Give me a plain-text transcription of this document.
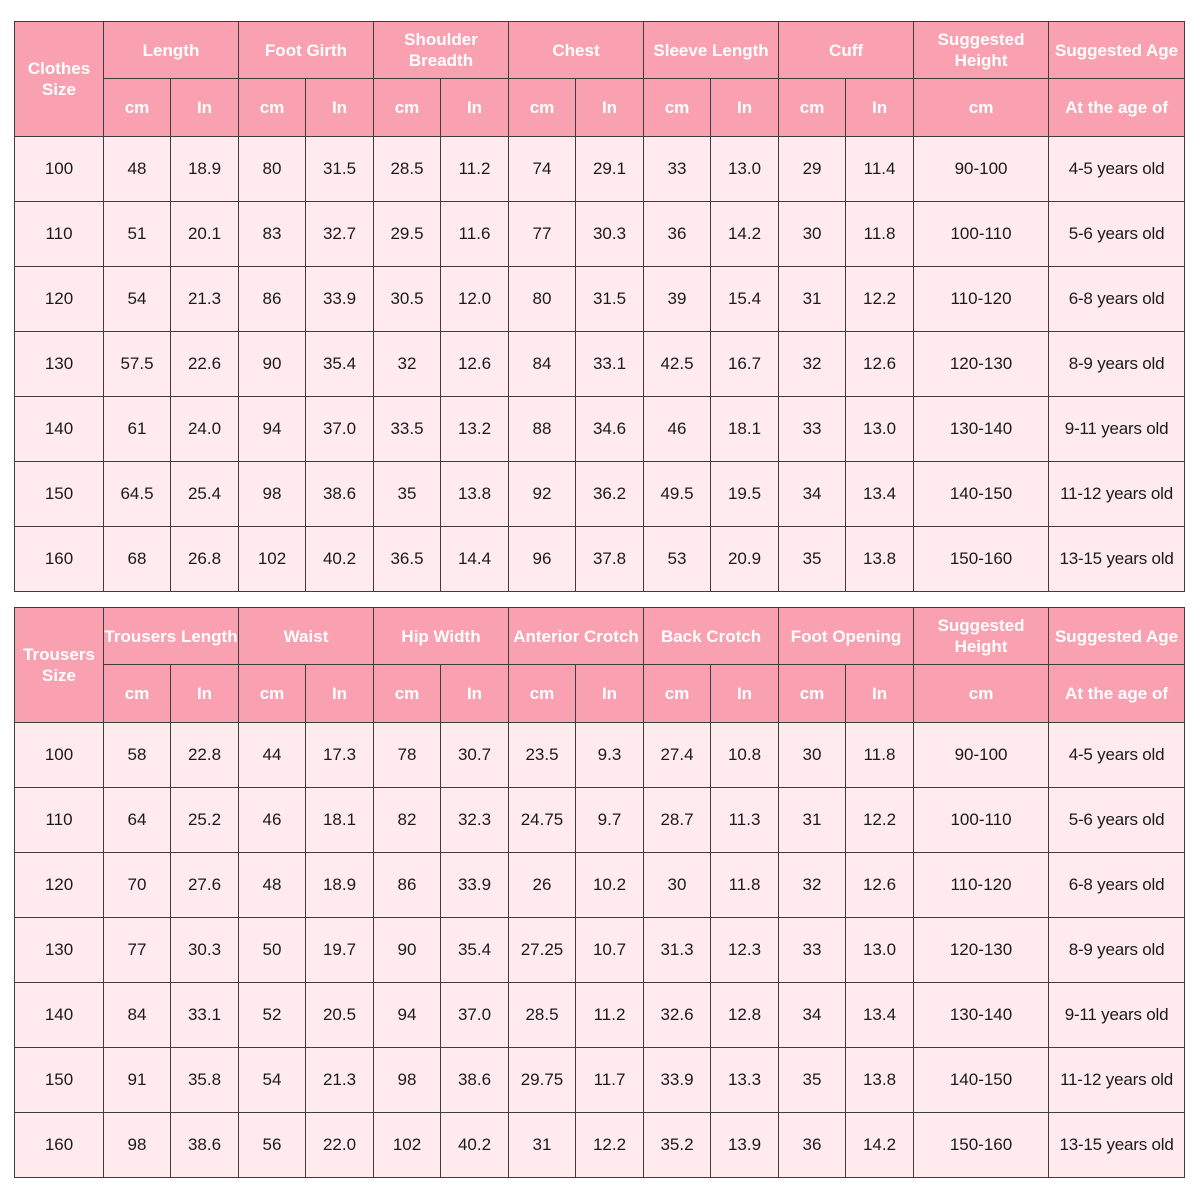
Clothes Size	Length		Foot Girth		Shoulder Breadth		Chest		Sleeve Length		Cuff		Suggested Height	Suggested Age
	cm	In	cm	In	cm	In	cm	In	cm	In	cm	In	cm	At the age of
100	48	18.9	80	31.5	28.5	11.2	74	29.1	33	13.0	29	11.4	90-100	4-5 years old
110	51	20.1	83	32.7	29.5	11.6	77	30.3	36	14.2	30	11.8	100-110	5-6 years old
120	54	21.3	86	33.9	30.5	12.0	80	31.5	39	15.4	31	12.2	110-120	6-8 years old
130	57.5	22.6	90	35.4	32	12.6	84	33.1	42.5	16.7	32	12.6	120-130	8-9 years old
140	61	24.0	94	37.0	33.5	13.2	88	34.6	46	18.1	33	13.0	130-140	9-11 years old
150	64.5	25.4	98	38.6	35	13.8	92	36.2	49.5	19.5	34	13.4	140-150	11-12 years old
160	68	26.8	102	40.2	36.5	14.4	96	37.8	53	20.9	35	13.8	150-160	13-15 years old
Trousers Size	Trousers Length		Waist		Hip Width		Anterior Crotch		Back Crotch		Foot Opening		Suggested Height	Suggested Age
	cm	In	cm	In	cm	In	cm	In	cm	In	cm	In	cm	At the age of
100	58	22.8	44	17.3	78	30.7	23.5	9.3	27.4	10.8	30	11.8	90-100	4-5 years old
110	64	25.2	46	18.1	82	32.3	24.75	9.7	28.7	11.3	31	12.2	100-110	5-6 years old
120	70	27.6	48	18.9	86	33.9	26	10.2	30	11.8	32	12.6	110-120	6-8 years old
130	77	30.3	50	19.7	90	35.4	27.25	10.7	31.3	12.3	33	13.0	120-130	8-9 years old
140	84	33.1	52	20.5	94	37.0	28.5	11.2	32.6	12.8	34	13.4	130-140	9-11 years old
150	91	35.8	54	21.3	98	38.6	29.75	11.7	33.9	13.3	35	13.8	140-150	11-12 years old
160	98	38.6	56	22.0	102	40.2	31	12.2	35.2	13.9	36	14.2	150-160	13-15 years old
